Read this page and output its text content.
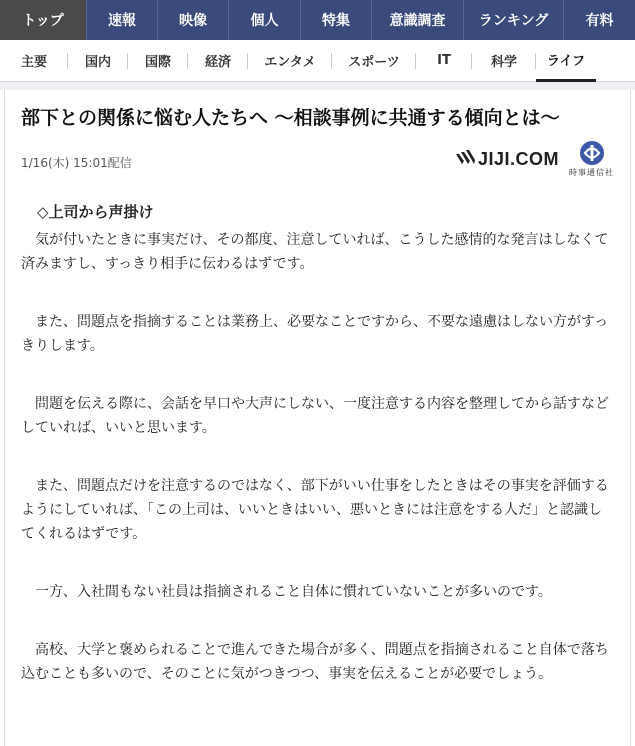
トップ	速報	映像	個人	特集	意識調査	ランキング	有料
主要	国内	国際	経済	エンタメ	スポーツ	IT	科学	ライフ
部下との関係に悩む人たちへ 〜相談事例に共通する傾向とは〜
1/16(木) 15:01配信	JIJI.COM
時事通信社
◇上司から声掛け

気が付いたときに事実だけ、その都度、注意していれば、こうした感情的な発言はしなくて済みますし、すっきり相手に伝わるはずです。

また、問題点を指摘することは業務上、必要なことですから、不要な遠慮はしない方がすっきりします。

問題を伝える際に、会話を早口や大声にしない、一度注意する内容を整理してから話すなどしていれば、いいと思います。

また、問題点だけを注意するのではなく、部下がいい仕事をしたときはその事実を評価するようにしていれば、「この上司は、いいときはいい、悪いときには注意をする人だ」と認識してくれるはずです。

一方、入社間もない社員は指摘されること自体に慣れていないことが多いのです。

高校、大学と褒められることで進んできた場合が多く、問題点を指摘されること自体で落ち込むことも多いので、そのことに気がつきつつ、事実を伝えることが必要でしょう。
